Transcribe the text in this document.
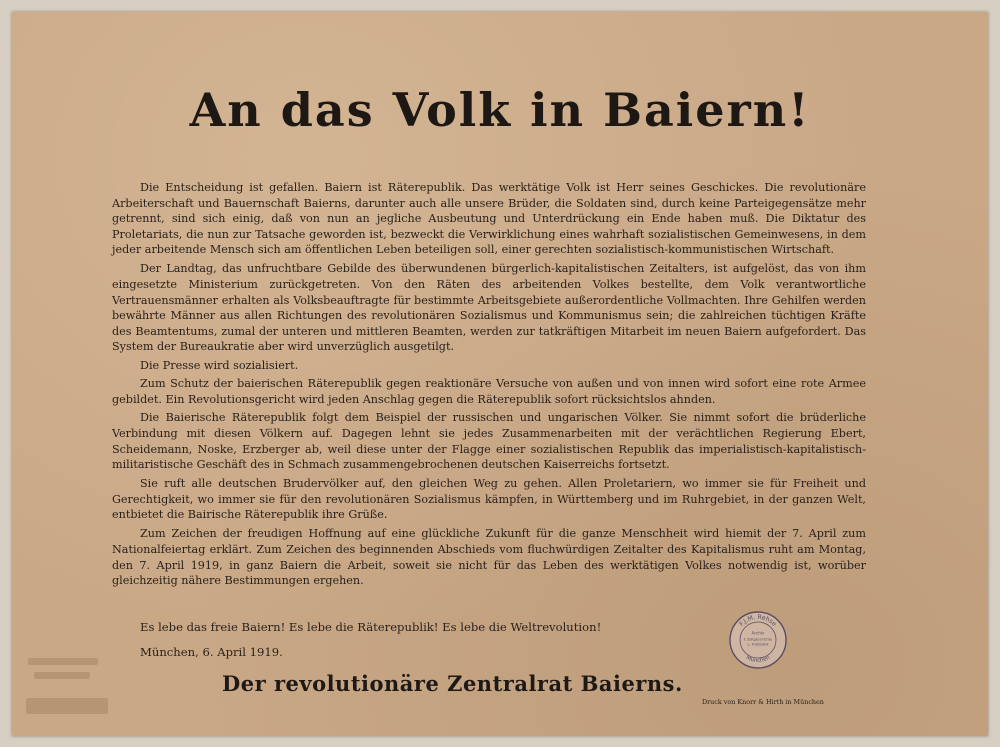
An das Volk in Baiern!

Die Entscheidung ist gefallen. Baiern ist Räterepublik. Das werktätige Volk ist Herr seines Geschickes. Die revolutionäre Arbeiterschaft und Bauernschaft Baierns, darunter auch alle unsere Brüder, die Soldaten sind, durch keine Parteigegensätze mehr getrennt, sind sich einig, daß von nun an jegliche Ausbeutung und Unterdrückung ein Ende haben muß. Die Diktatur des Proletariats, die nun zur Tatsache geworden ist, bezweckt die Verwirklichung eines wahrhaft sozialistischen Gemeinwesens, in dem jeder arbeitende Mensch sich am öffentlichen Leben beteiligen soll, einer gerechten sozialistisch-kommunistischen Wirtschaft.

Der Landtag, das unfruchtbare Gebilde des überwundenen bürgerlich-kapitalistischen Zeitalters, ist aufgelöst, das von ihm eingesetzte Ministerium zurückgetreten. Von den Räten des arbeitenden Volkes bestellte, dem Volk verantwortliche Vertrauensmänner erhalten als Volksbeauftragte für bestimmte Arbeitsgebiete außerordentliche Vollmachten. Ihre Gehilfen werden bewährte Männer aus allen Richtungen des revolutionären Sozialismus und Kommunismus sein; die zahlreichen tüchtigen Kräfte des Beamtentums, zumal der unteren und mittleren Beamten, werden zur tatkräftigen Mitarbeit im neuen Baiern aufgefordert. Das System der Bureaukratie aber wird unverzüglich ausgetilgt.

Die Presse wird sozialisiert.

Zum Schutz der baierischen Räterepublik gegen reaktionäre Versuche von außen und von innen wird sofort eine rote Armee gebildet. Ein Revolutionsgericht wird jeden Anschlag gegen die Räterepublik sofort rücksichtslos ahnden.

Die Baierische Räterepublik folgt dem Beispiel der russischen und ungarischen Völker. Sie nimmt sofort die brüderliche Verbindung mit diesen Völkern auf. Dagegen lehnt sie jedes Zusammenarbeiten mit der verächtlichen Regierung Ebert, Scheidemann, Noske, Erzberger ab, weil diese unter der Flagge einer sozialistischen Republik das imperialistisch-kapitalistisch-militaristische Geschäft des in Schmach zusammengebrochenen deutschen Kaiserreichs fortsetzt.

Sie ruft alle deutschen Brudervölker auf, den gleichen Weg zu gehen. Allen Proletariern, wo immer sie für Freiheit und Gerechtigkeit, wo immer sie für den revolutionären Sozialismus kämpfen, in Württemberg und im Ruhrgebiet, in der ganzen Welt, entbietet die Bairische Räterepublik ihre Grüße.

Zum Zeichen der freudigen Hoffnung auf eine glückliche Zukunft für die ganze Menschheit wird hiemit der 7. April zum Nationalfeiertag erklärt. Zum Zeichen des beginnenden Abschieds vom fluchwürdigen Zeitalter des Kapitalismus ruht am Montag, den 7. April 1919, in ganz Baiern die Arbeit, soweit sie nicht für das Leben des werktätigen Volkes notwendig ist, worüber gleichzeitig nähere Bestimmungen ergehen.

Es lebe das freie Baiern! Es lebe die Räterepublik! Es lebe die Weltrevolution!

München, 6. April 1919.

F.J.M. Rehse
Archiv
f. Zeitgeschichte
u. Publizistik
München

Der revolutionäre Zentralrat Baierns.

Druck von Knorr & Hirth in München
